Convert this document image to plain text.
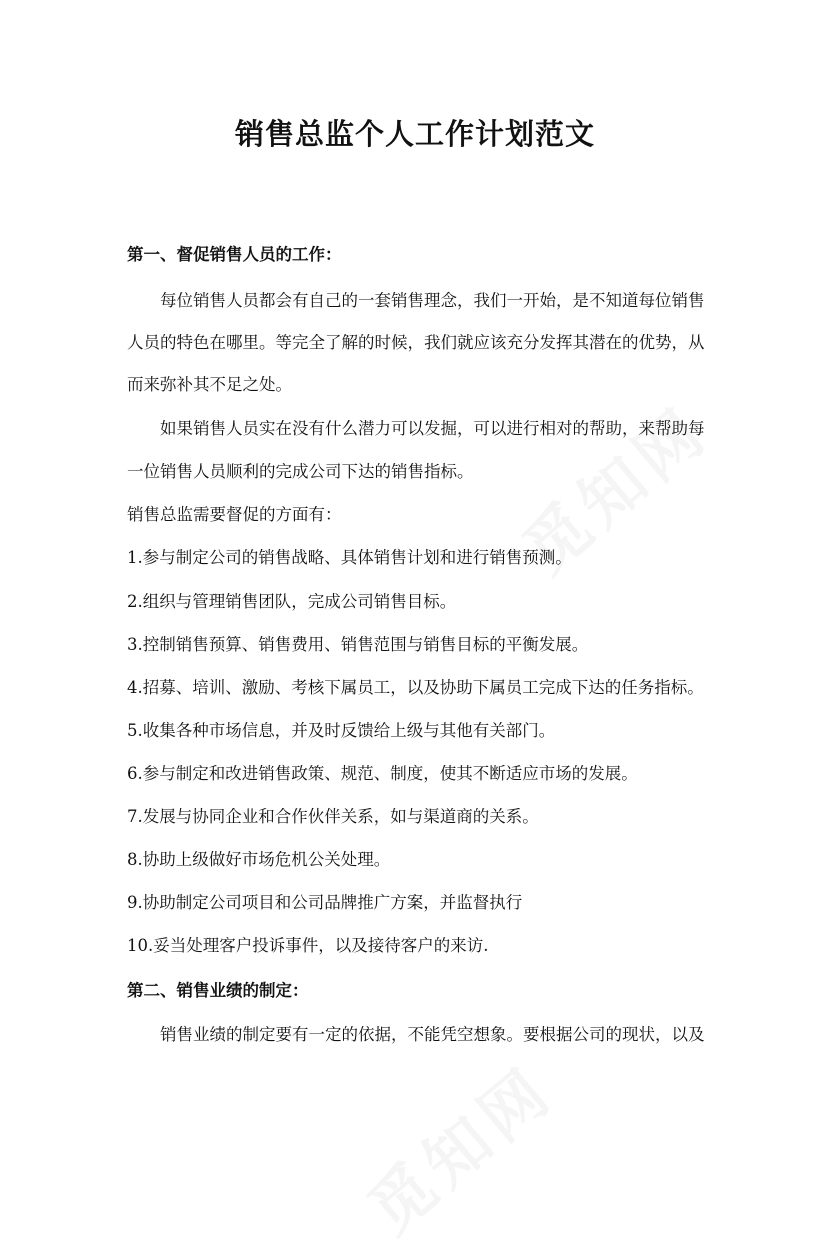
销售总监个人工作计划范文

第一、督促销售人员的工作：

每位销售人员都会有自己的一套销售理念，我们一开始，是不知道每位销售

人员的特色在哪里。等完全了解的时候，我们就应该充分发挥其潜在的优势，从

而来弥补其不足之处。

如果销售人员实在没有什么潜力可以发掘，可以进行相对的帮助，来帮助每

一位销售人员顺利的完成公司下达的销售指标。

销售总监需要督促的方面有：

1.参与制定公司的销售战略、具体销售计划和进行销售预测。

2.组织与管理销售团队，完成公司销售目标。

3.控制销售预算、销售费用、销售范围与销售目标的平衡发展。

4.招募、培训、激励、考核下属员工，以及协助下属员工完成下达的任务指标。

5.收集各种市场信息，并及时反馈给上级与其他有关部门。

6.参与制定和改进销售政策、规范、制度，使其不断适应市场的发展。

7.发展与协同企业和合作伙伴关系，如与渠道商的关系。

8.协助上级做好市场危机公关处理。

9.协助制定公司项目和公司品牌推广方案，并监督执行

10.妥当处理客户投诉事件，以及接待客户的来访.

第二、销售业绩的制定：

销售业绩的制定要有一定的依据，不能凭空想象。要根据公司的现状，以及
